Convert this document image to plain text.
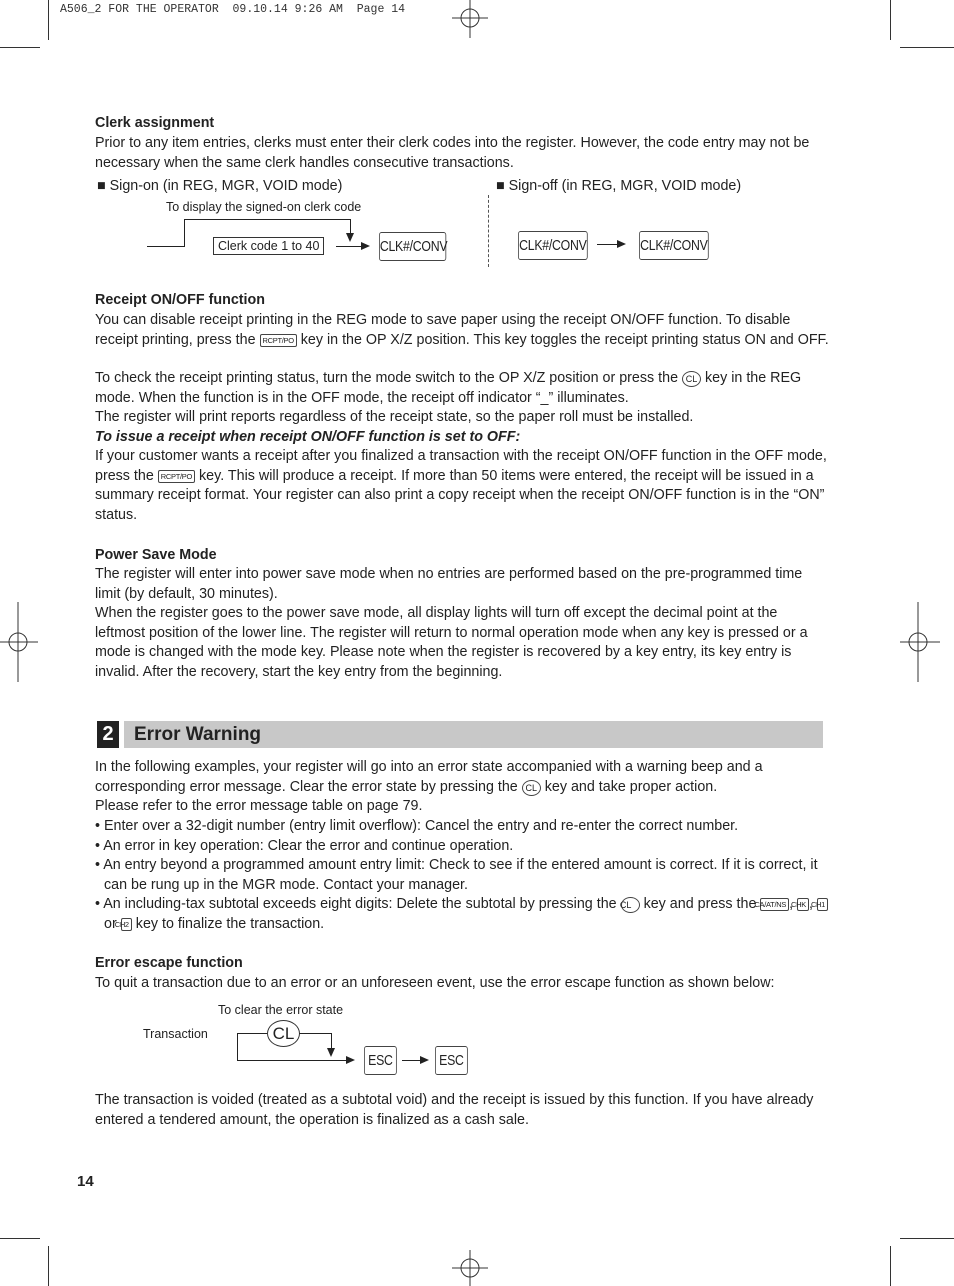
A506_2 FOR THE OPERATOR  09.10.14 9:26 AM  Page 14
Clerk assignment

Prior to any item entries, clerks must enter their clerk codes into the register. However, the code entry may not be necessary when the same clerk handles consecutive transactions.

■ Sign-on (in REG, MGR, VOID mode)	■ Sign-off (in REG, MGR, VOID mode)
To display the signed-on clerk code
Clerk code 1 to 40	CLK#/CONV	CLK#/CONV	CLK#/CONV
Receipt ON/OFF function

You can disable receipt printing in the REG mode to save paper using the receipt ON/OFF function. To disable receipt printing, press the RCPT/PO key in the OP X/Z position. This key toggles the receipt printing status ON and OFF.

To check the receipt printing status, turn the mode switch to the OP X/Z position or press the CL key in the REG mode. When the function is in the OFF mode, the receipt off indicator “_” illuminates.

The register will print reports regardless of the receipt state, so the paper roll must be installed.

To issue a receipt when receipt ON/OFF function is set to OFF:

If your customer wants a receipt after you finalized a transaction with the receipt ON/OFF function in the OFF mode, press the RCPT/PO key. This will produce a receipt. If more than 50 items were entered, the receipt will be issued in a summary receipt format. Your register can also print a copy receipt when the receipt ON/OFF function is in the “ON” status.

Power Save Mode

The register will enter into power save mode when no entries are performed based on the pre-programmed time limit (by default, 30 minutes).

When the register goes to the power save mode, all display lights will turn off except the decimal point at the leftmost position of the lower line. The register will return to normal operation mode when any key is pressed or a mode is changed with the mode key. Please note when the register is recovered by a key entry, its key entry is invalid. After the recovery, start the key entry from the beginning.

2 Error Warning

In the following examples, your register will go into an error state accompanied with a warning beep and a corresponding error message. Clear the error state by pressing the CL key and take proper action.

Please refer to the error message table on page 79.

• Enter over a 32-digit number (entry limit overflow): Cancel the entry and re-enter the correct number.

• An error in key operation: Clear the error and continue operation.

• An entry beyond a programmed amount entry limit: Check to see if the entered amount is correct. If it is correct, it can be rung up in the MGR mode. Contact your manager.

• An including-tax subtotal exceeds eight digits: Delete the subtotal by pressing the CL key and press the CA/AT/NS , CHK , CH1 or CH2 key to finalize the transaction.

Error escape function

To quit a transaction due to an error or an unforeseen event, use the error escape function as shown below:

To clear the error state
Transaction	CL
ESC	ESC

The transaction is voided (treated as a subtotal void) and the receipt is issued by this function. If you have already entered a tendered amount, the operation is finalized as a cash sale.

14
